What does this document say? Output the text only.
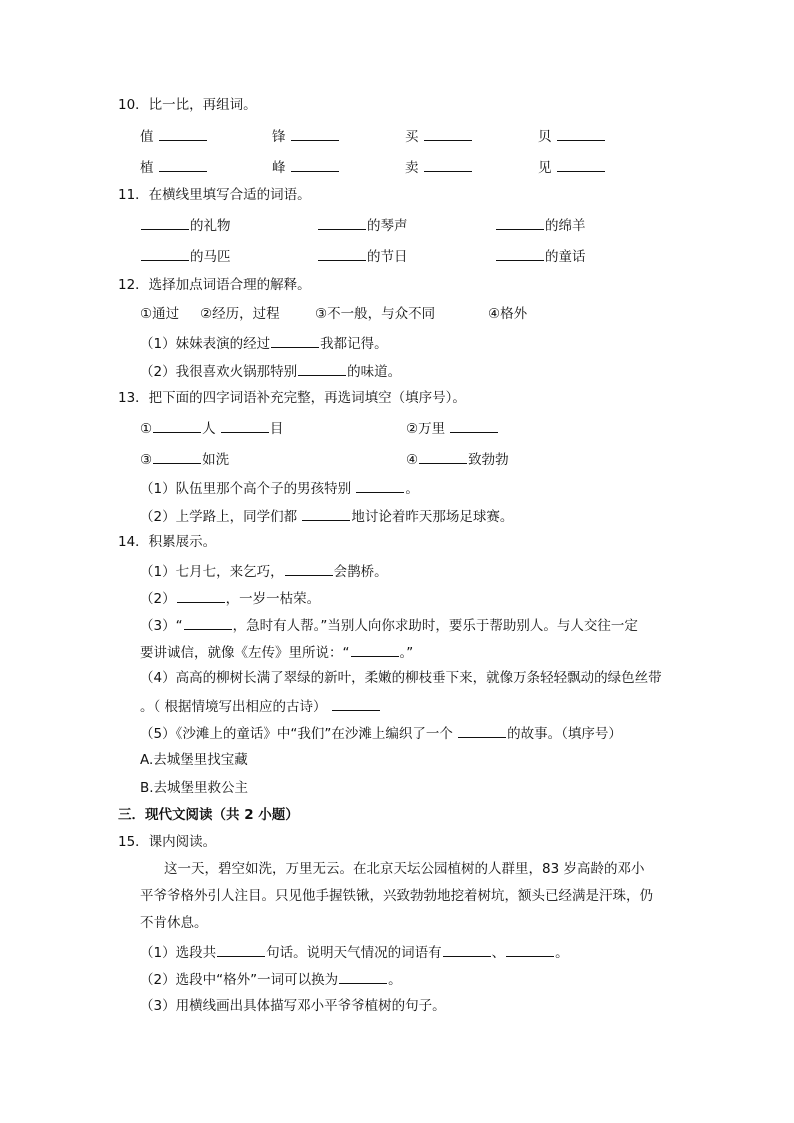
10．比一比，再组词。
值	锋	买	贝
植	峰	卖	见
11．在横线里填写合适的词语。
的礼物	的琴声	的绵羊
的马匹	的节日	的童话
12．选择加点词语合理的解释。
①通过 ②经历，过程	③不一般，与众不同	④格外
（1）妹妹表演的经过	我都记得。
（2）我很喜欢火锅那特别	的味道。
13．把下面的四字词语补充完整，再选词填空（填序号）。
①	人	目	②万里
③	如洗	④	致勃勃
（1）队伍里那个高个子的男孩特别	。
（2）上学路上，同学们都	地讨论着昨天那场足球赛。
14．积累展示。
（1）七月七，来乞巧，	会鹊桥。
（2）	，一岁一枯荣。
（3）“	，急时有人帮。”当别人向你求助时，要乐于帮助别人。与人交往一定
要讲诚信，就像《左传》里所说：“	。”
（4）高高的柳树长满了翠绿的新叶，柔嫩的柳枝垂下来，就像万条轻轻飘动的绿色丝带
。（ 根据情境写出相应的古诗）
（5）《沙滩上的童话》中“我们”在沙滩上编织了一个	的故事。（填序号）
A.去城堡里找宝藏
B.去城堡里救公主
三．现代文阅读（共 2 小题）
15．课内阅读。
这一天，碧空如洗，万里无云。在北京天坛公园植树的人群里，83 岁高龄的邓小
平爷爷格外引人注目。只见他手握铁锹，兴致勃勃地挖着树坑，额头已经满是汗珠，仍
不肯休息。
（1）选段共	句话。说明天气情况的词语有	、	。
（2）选段中“格外”一词可以换为	。
（3）用横线画出具体描写邓小平爷爷植树的句子。
